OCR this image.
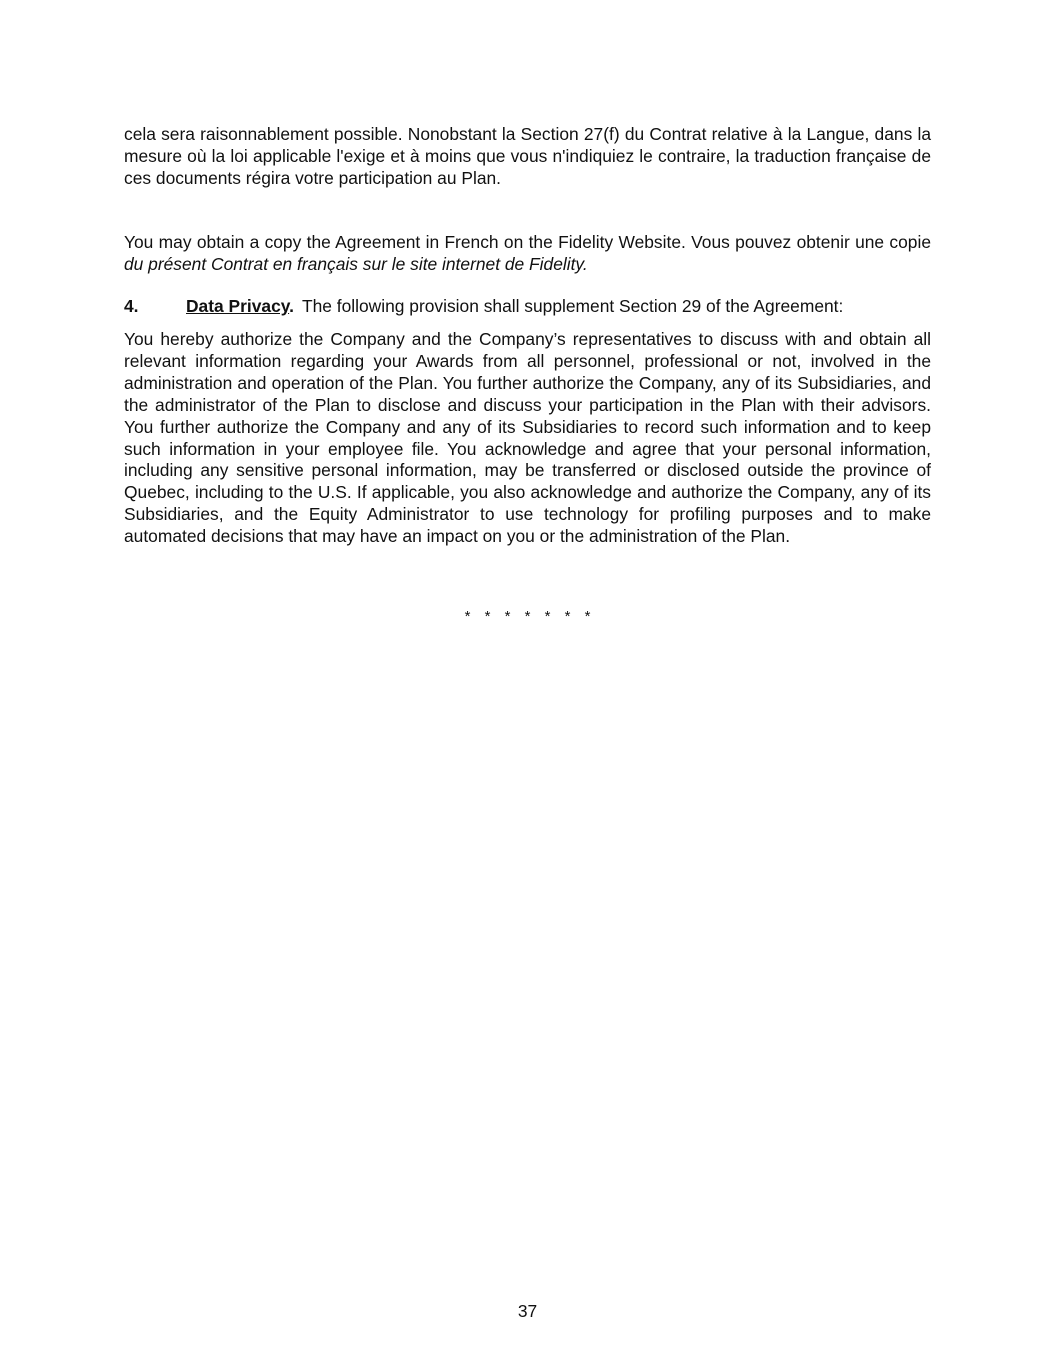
cela sera raisonnablement possible. Nonobstant la Section 27(f) du Contrat relative à la Langue, dans la mesure où la loi applicable l'exige et à moins que vous n'indiquiez le contraire, la traduction française de ces documents régira votre participation au Plan.

You may obtain a copy the Agreement in French on the Fidelity Website. Vous pouvez obtenir une copie du présent Contrat en français sur le site internet de Fidelity.

4.	Data Privacy. The following provision shall supplement Section 29 of the Agreement:

You hereby authorize the Company and the Company’s representatives to discuss with and obtain all relevant information regarding your Awards from all personnel, professional or not, involved in the administration and operation of the Plan. You further authorize the Company, any of its Subsidiaries, and the administrator of the Plan to disclose and discuss your participation in the Plan with their advisors. You further authorize the Company and any of its Subsidiaries to record such information and to keep such information in your employee file. You acknowledge and agree that your personal information, including any sensitive personal information, may be transferred or disclosed outside the province of Quebec, including to the U.S. If applicable, you also acknowledge and authorize the Company, any of its Subsidiaries, and the Equity Administrator to use technology for profiling purposes and to make automated decisions that may have an impact on you or the administration of the Plan.

* * * * * * *

37
